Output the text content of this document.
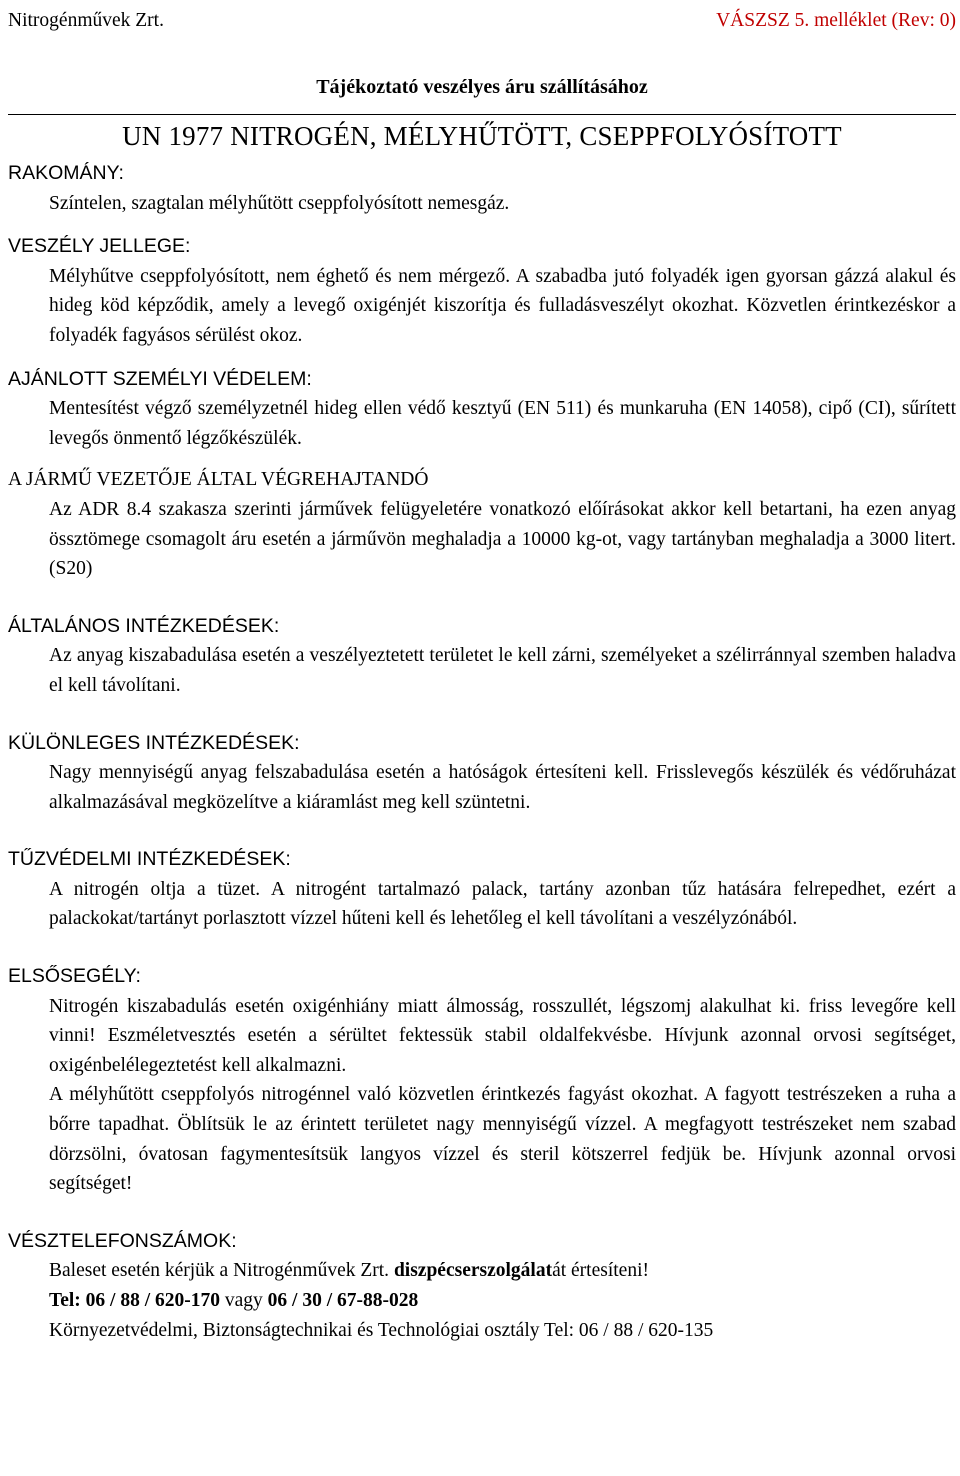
Nitrogénművek Zrt.	VÁSZSZ 5. melléklet (Rev: 0)
Tájékoztató veszélyes áru szállításához
UN 1977 NITROGÉN, MÉLYHŰTÖTT, CSEPPFOLYÓSÍTOTT
RAKOMÁNY:

Színtelen, szagtalan mélyhűtött cseppfolyósított nemesgáz.

VESZÉLY JELLEGE:

Mélyhűtve cseppfolyósított, nem éghető és nem mérgező. A szabadba jutó folyadék igen gyorsan gázzá alakul és hideg köd képződik, amely a levegő oxigénjét kiszorítja és fulladásveszélyt okozhat. Közvetlen érintkezéskor a folyadék fagyásos sérülést okoz.

AJÁNLOTT SZEMÉLYI VÉDELEM:

Mentesítést végző személyzetnél hideg ellen védő kesztyű (EN 511) és munkaruha (EN 14058), cipő (CI), sűrített levegős önmentő légzőkészülék.

A JÁRMŰ VEZETŐJE ÁLTAL VÉGREHAJTANDÓ

Az ADR 8.4 szakasza szerinti járművek felügyeletére vonatkozó előírásokat akkor kell betartani, ha ezen anyag össztömege csomagolt áru esetén a járművön meghaladja a 10000 kg-ot, vagy tartányban meghaladja a 3000 litert. (S20)

ÁLTALÁNOS INTÉZKEDÉSEK:

Az anyag kiszabadulása esetén a veszélyeztetett területet le kell zárni, személyeket a szélirránnyal szemben haladva el kell távolítani.

KÜLÖNLEGES INTÉZKEDÉSEK:

Nagy mennyiségű anyag felszabadulása esetén a hatóságok értesíteni kell. Frisslevegős készülék és védőruházat alkalmazásával megközelítve a kiáramlást meg kell szüntetni.

TŰZVÉDELMI INTÉZKEDÉSEK:

A nitrogén oltja a tüzet. A nitrogént tartalmazó palack, tartány azonban tűz hatására felrepedhet, ezért a palackokat/tartányt porlasztott vízzel hűteni kell és lehetőleg el kell távolítani a veszélyzónából.

ELSŐSEGÉLY:

Nitrogén kiszabadulás esetén oxigénhiány miatt álmosság, rosszullét, légszomj alakulhat ki. friss levegőre kell vinni! Eszméletvesztés esetén a sérültet fektessük stabil oldalfekvésbe. Hívjunk azonnal orvosi segítséget, oxigénbelélegeztetést kell alkalmazni.

A mélyhűtött cseppfolyós nitrogénnel való közvetlen érintkezés fagyást okozhat. A fagyott testrészeken a ruha a bőrre tapadhat. Öblítsük le az érintett területet nagy mennyiségű vízzel. A megfagyott testrészeket nem szabad dörzsölni, óvatosan fagymentesítsük langyos vízzel és steril kötszerrel fedjük be. Hívjunk azonnal orvosi segítséget!

VÉSZTELEFONSZÁMOK:

Baleset esetén kérjük a Nitrogénművek Zrt. diszpécserszolgálatát értesíteni!

Tel: 06 / 88 / 620-170 vagy 06 / 30 / 67-88-028

Környezetvédelmi, Biztonságtechnikai és Technológiai osztály Tel: 06 / 88 / 620-135
